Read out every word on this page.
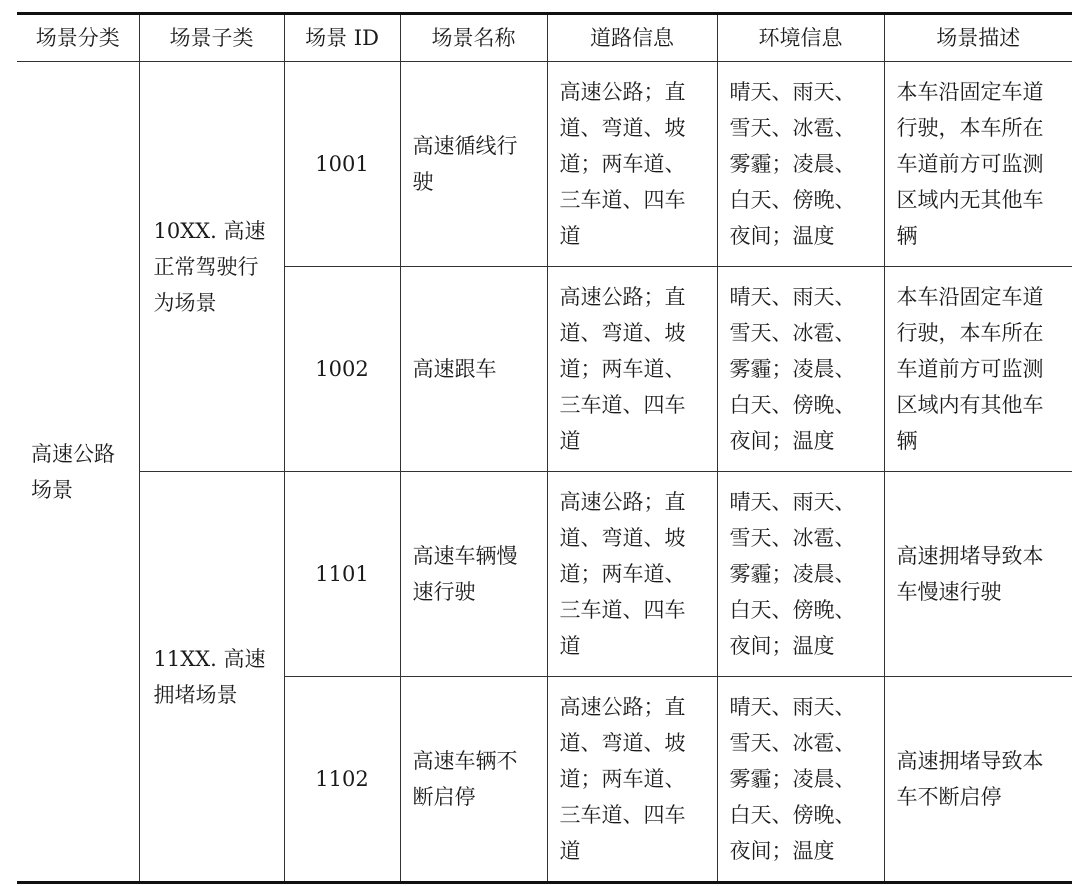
场景分类	场景子类	场景 ID	场景名称	道路信息	环境信息	场景描述

高速公路场景	10XX. 高速正常驾驶行为场景	1001	高速循线行驶	高速公路；直道、弯道、坡道；两车道、三车道、四车道	晴天、雨天、雪天、冰雹、雾霾；凌晨、白天、傍晚、夜间；温度	本车沿固定车道行驶，本车所在车道前方可监测区域内无其他车辆
		1002	高速跟车	高速公路；直道、弯道、坡道；两车道、三车道、四车道	晴天、雨天、雪天、冰雹、雾霾；凌晨、白天、傍晚、夜间；温度	本车沿固定车道行驶，本车所在车道前方可监测区域内有其他车辆

	11XX. 高速拥堵场景	1101	高速车辆慢速行驶	高速公路；直道、弯道、坡道；两车道、三车道、四车道	晴天、雨天、雪天、冰雹、雾霾；凌晨、白天、傍晚、夜间；温度	高速拥堵导致本车慢速行驶
		1102	高速车辆不断启停	高速公路；直道、弯道、坡道；两车道、三车道、四车道	晴天、雨天、雪天、冰雹、雾霾；凌晨、白天、傍晚、夜间；温度	高速拥堵导致本车不断启停
